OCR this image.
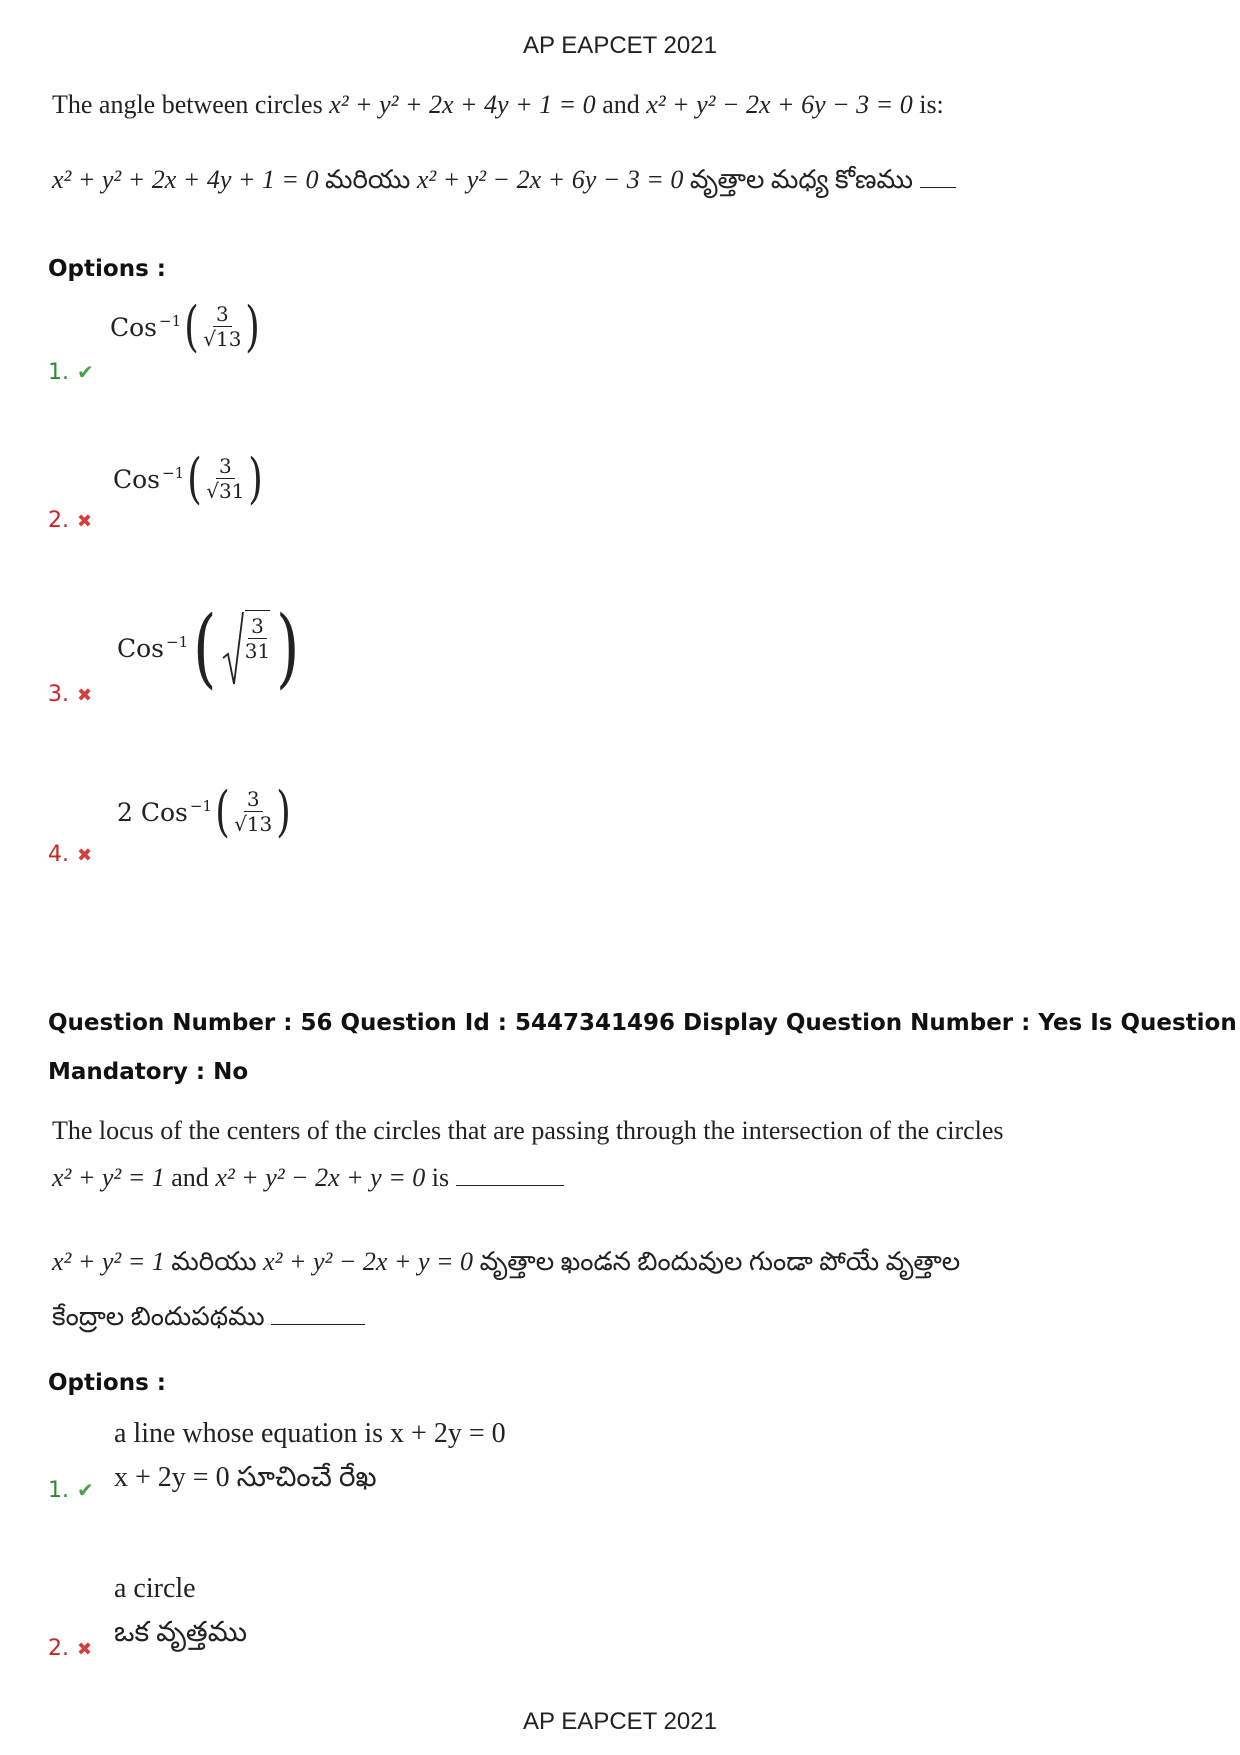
AP EAPCET 2021
The angle between circles x² + y² + 2x + 4y + 1 = 0 and x² + y² − 2x + 6y − 3 = 0 is:
x² + y² + 2x + 4y + 1 = 0 మరియు x² + y² − 2x + 6y − 3 = 0 వృత్తాల మధ్య కోణము
Options :
1. ✔
Cos$^{-1}$ ( $\frac{3}{√13}$ )
2. ✖
Cos$^{-1}$ ( $\frac{3}{√31}$ )
3. ✖
Cos$^{-1}$ ( $\frac{3}{31}$ )
4. ✖
2 Cos$^{-1}$ ( $\frac{3}{√13}$ )
Question Number : 56 Question Id : 5447341496 Display Question Number : Yes Is Question
Mandatory : No
The locus of the centers of the circles that are passing through the intersection of the circles
x² + y² = 1 and x² + y² − 2x + y = 0 is
x² + y² = 1 మరియు x² + y² − 2x + y = 0 వృత్తాల ఖండన బిందువుల గుండా పోయే వృత్తాల
కేంద్రాల బిందుపథము
Options :
a line whose equation is x + 2y = 0
1. ✔ x + 2y = 0 సూచించే రేఖ
a circle
2. ✖
ఒక వృత్తము
AP EAPCET 2021
